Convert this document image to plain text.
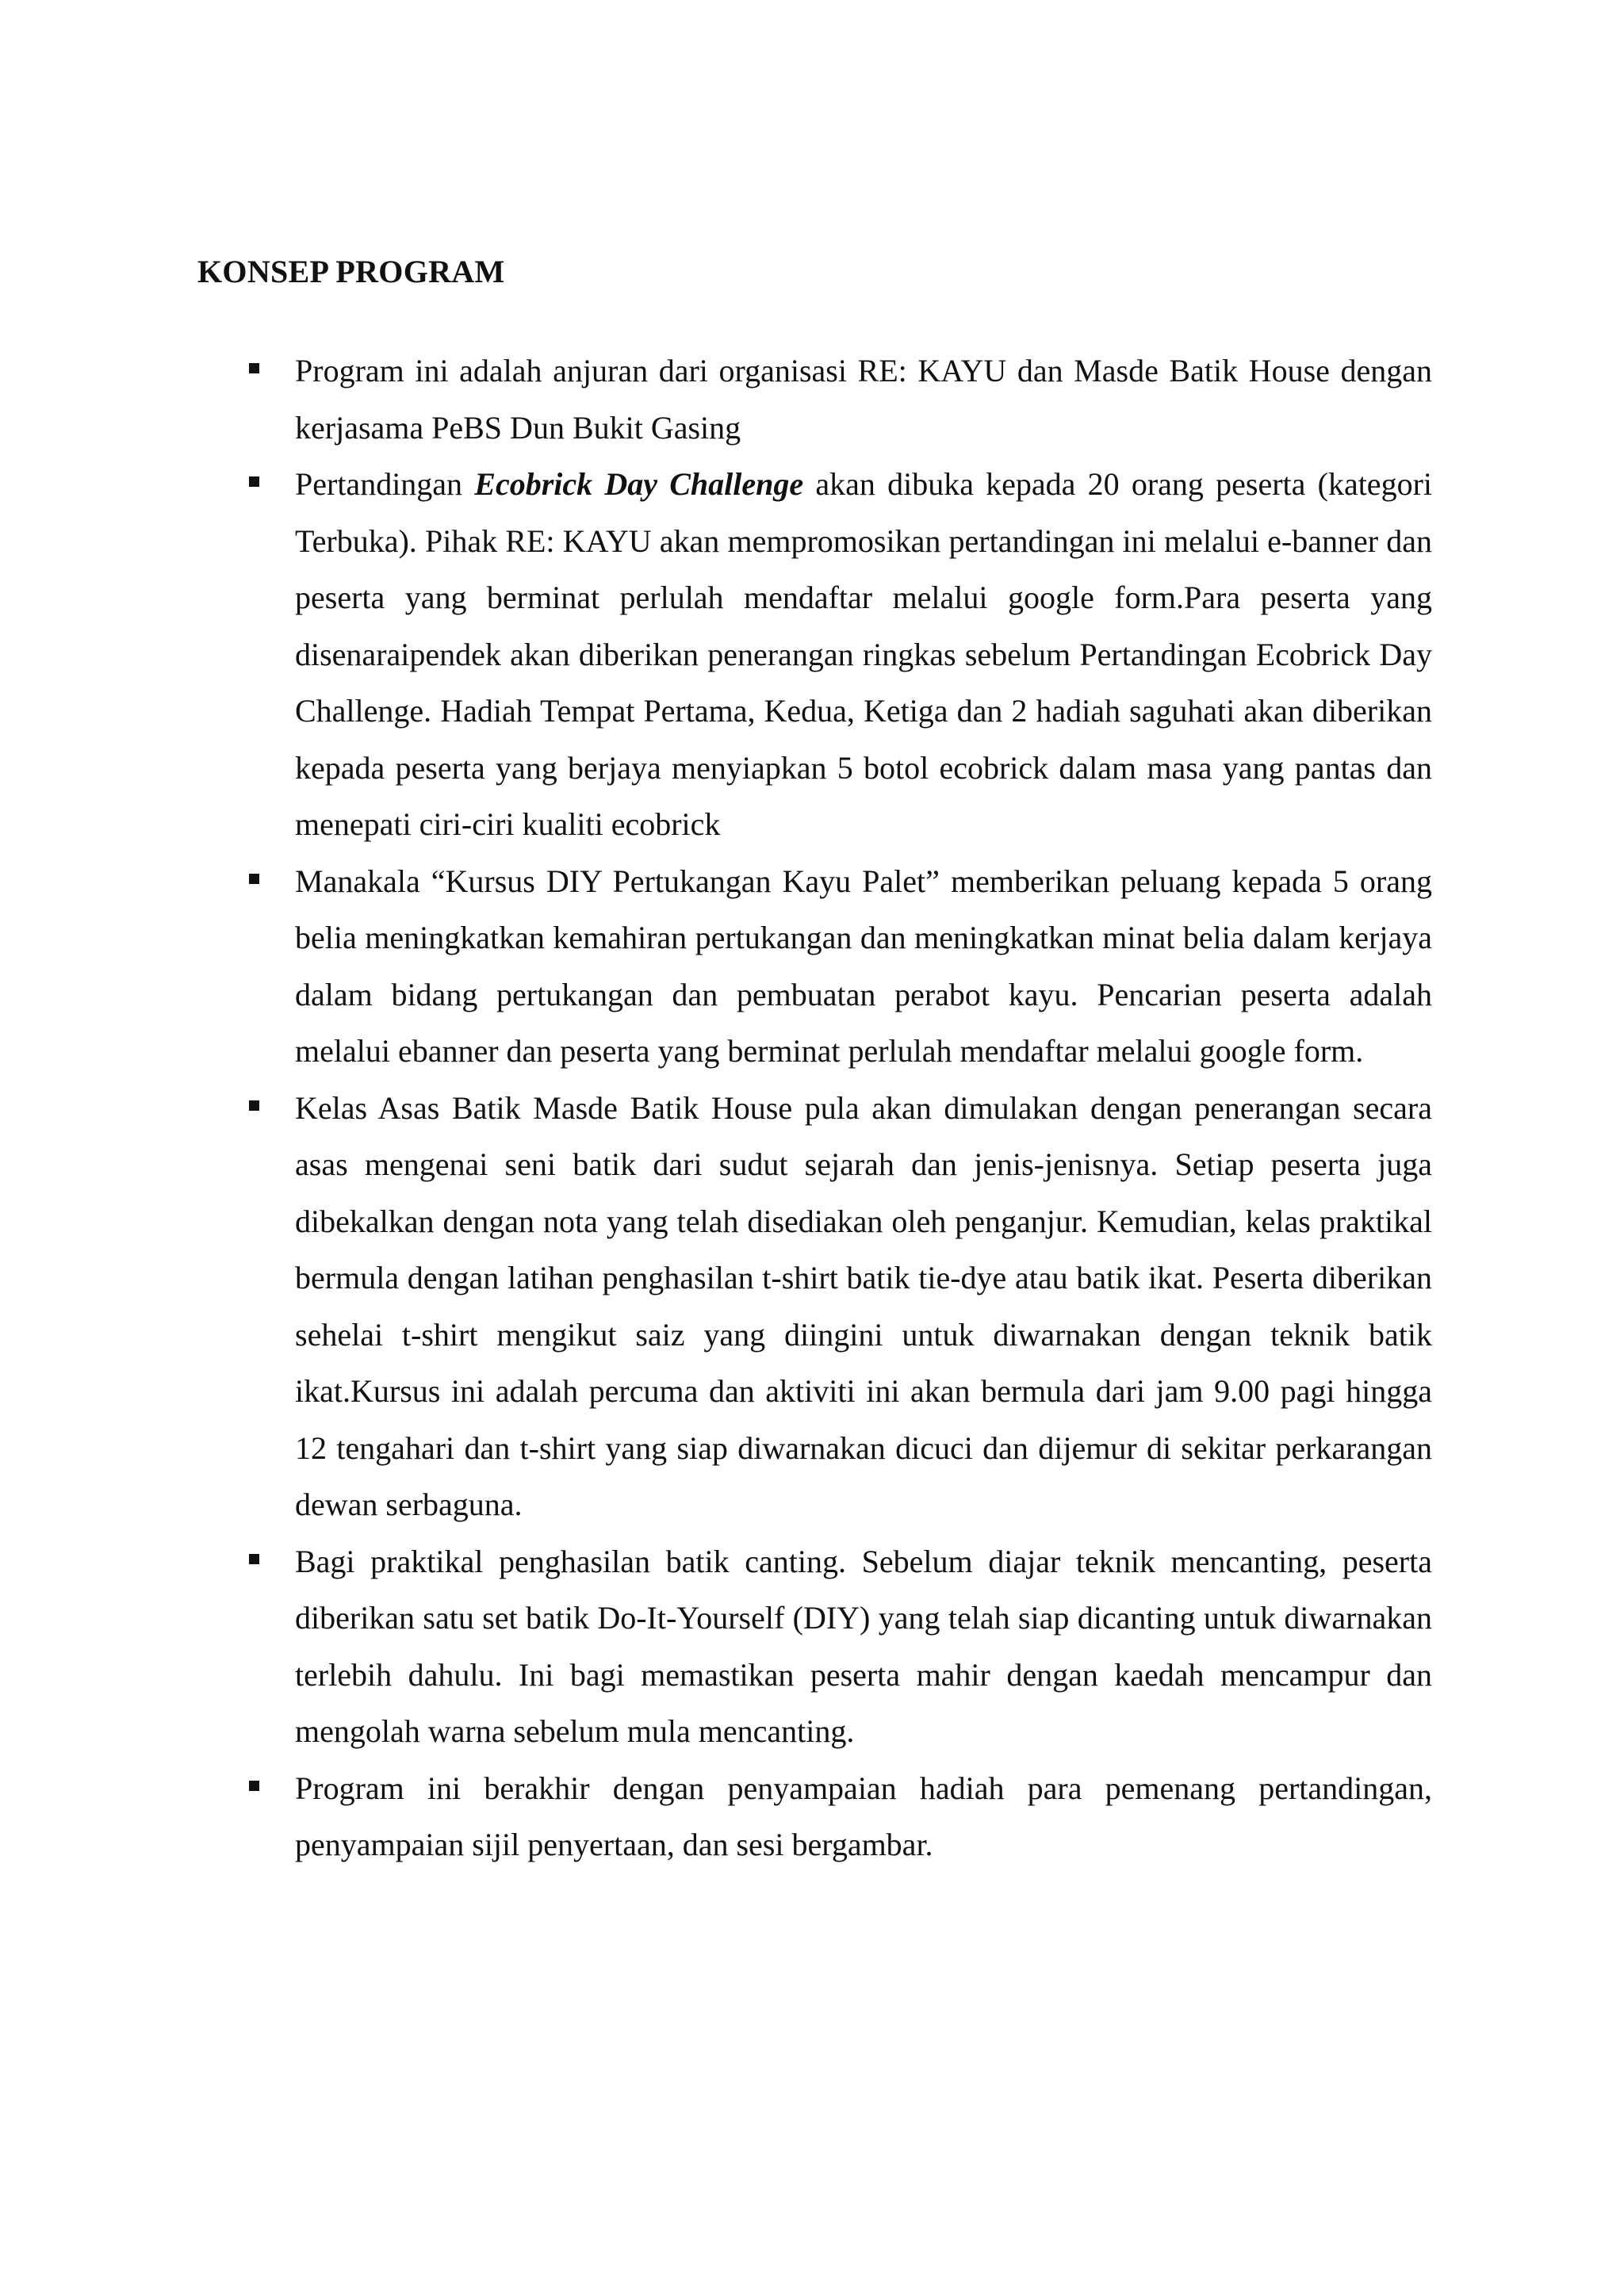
KONSEP PROGRAM
Program ini adalah anjuran dari organisasi RE: KAYU dan Masde Batik House dengan kerjasama PeBS Dun Bukit Gasing
Pertandingan Ecobrick Day Challenge akan dibuka kepada 20 orang peserta (kategori Terbuka). Pihak RE: KAYU akan mempromosikan pertandingan ini melalui e-banner dan peserta yang berminat perlulah mendaftar melalui google form.Para peserta yang disenaraipendek akan diberikan penerangan ringkas sebelum Pertandingan Ecobrick Day Challenge. Hadiah Tempat Pertama, Kedua, Ketiga dan 2 hadiah saguhati akan diberikan kepada peserta yang berjaya menyiapkan 5 botol ecobrick dalam masa yang pantas dan menepati ciri-ciri kualiti ecobrick
Manakala “Kursus DIY Pertukangan Kayu Palet” memberikan peluang kepada 5 orang belia meningkatkan kemahiran pertukangan dan meningkatkan minat belia dalam kerjaya dalam bidang pertukangan dan pembuatan perabot kayu. Pencarian peserta adalah melalui ebanner dan peserta yang berminat perlulah mendaftar melalui google form.
Kelas Asas Batik Masde Batik House pula akan dimulakan dengan penerangan secara asas mengenai seni batik dari sudut sejarah dan jenis-jenisnya. Setiap peserta juga dibekalkan dengan nota yang telah disediakan oleh penganjur. Kemudian, kelas praktikal bermula dengan latihan penghasilan t-shirt batik tie-dye atau batik ikat. Peserta diberikan sehelai t-shirt mengikut saiz yang diingini untuk diwarnakan dengan teknik batik ikat.Kursus ini adalah percuma dan aktiviti ini akan bermula dari jam 9.00 pagi hingga 12 tengahari dan t-shirt yang siap diwarnakan dicuci dan dijemur di sekitar perkarangan dewan serbaguna.
Bagi praktikal penghasilan batik canting. Sebelum diajar teknik mencanting, peserta diberikan satu set batik Do-It-Yourself (DIY) yang telah siap dicanting untuk diwarnakan terlebih dahulu. Ini bagi memastikan peserta mahir dengan kaedah mencampur dan mengolah warna sebelum mula mencanting.
Program ini berakhir dengan penyampaian hadiah para pemenang pertandingan, penyampaian sijil penyertaan, dan sesi bergambar.
